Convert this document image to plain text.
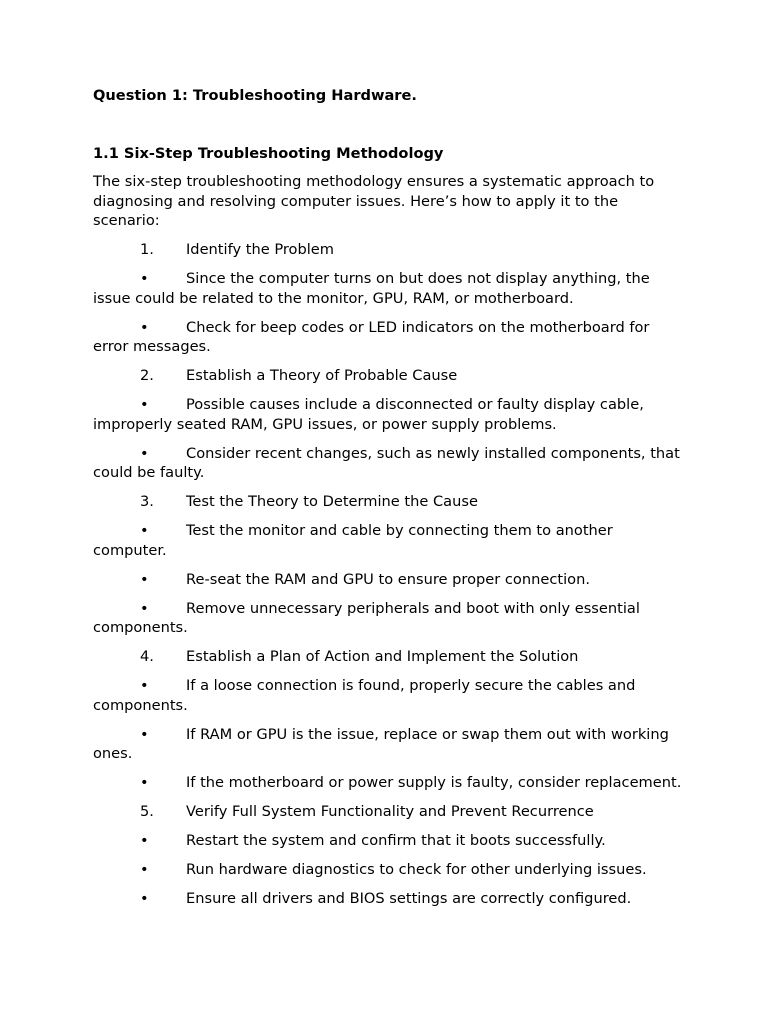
Question 1: Troubleshooting Hardware.
1.1 Six-Step Troubleshooting Methodology
The six-step troubleshooting methodology ensures a systematic approach to diagnosing and resolving computer issues. Here’s how to apply it to the scenario:
1. Identify the Problem
•	Since the computer turns on but does not display anything, the issue could be related to the monitor, GPU, RAM, or motherboard.
•	Check for beep codes or LED indicators on the motherboard for error messages.
2. Establish a Theory of Probable Cause
•	Possible causes include a disconnected or faulty display cable, improperly seated RAM, GPU issues, or power supply problems.
•	Consider recent changes, such as newly installed components, that could be faulty.
3. Test the Theory to Determine the Cause
•	Test the monitor and cable by connecting them to another computer.
•	Re-seat the RAM and GPU to ensure proper connection.
•	Remove unnecessary peripherals and boot with only essential components.
4. Establish a Plan of Action and Implement the Solution
•	If a loose connection is found, properly secure the cables and components.
•	If RAM or GPU is the issue, replace or swap them out with working ones.
•	If the motherboard or power supply is faulty, consider replacement.
5. Verify Full System Functionality and Prevent Recurrence
•	Restart the system and confirm that it boots successfully.
•	Run hardware diagnostics to check for other underlying issues.
•	Ensure all drivers and BIOS settings are correctly configured.
